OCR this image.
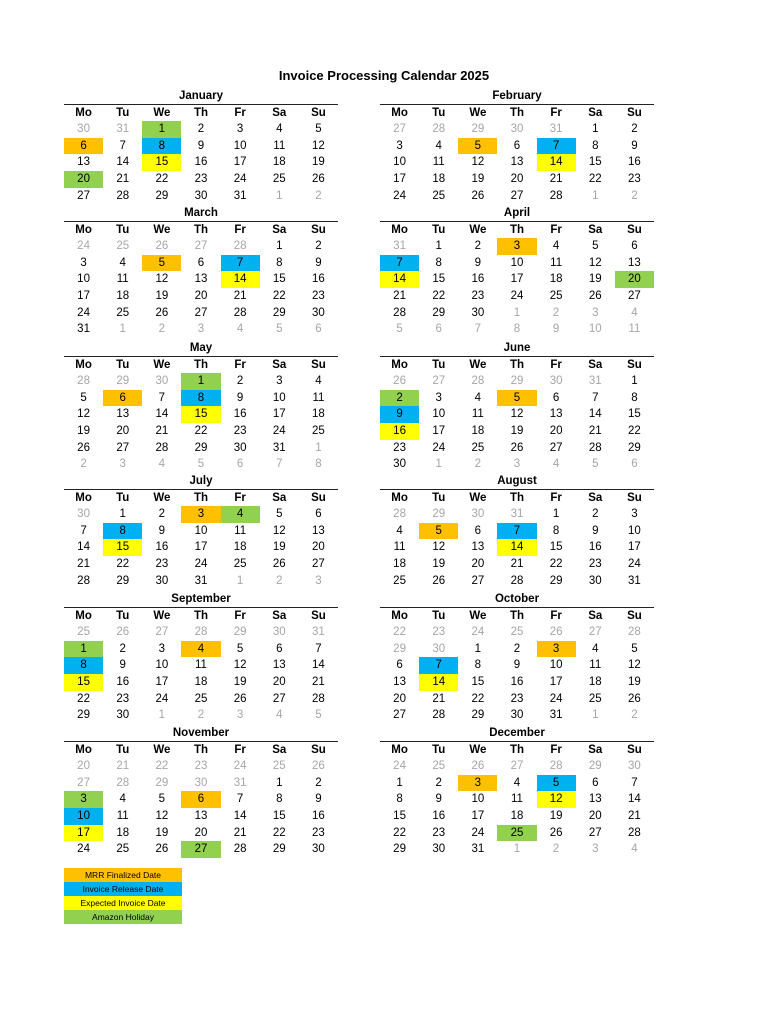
Invoice Processing Calendar 2025
January
Mo	Tu	We	Th	Fr	Sa	Su
30	31	1	2	3	4	5
6	7	8	9	10	11	12
13	14	15	16	17	18	19
20	21	22	23	24	25	26
27	28	29	30	31	1	2
February
Mo	Tu	We	Th	Fr	Sa	Su
27	28	29	30	31	1	2
3	4	5	6	7	8	9
10	11	12	13	14	15	16
17	18	19	20	21	22	23
24	25	26	27	28	1	2
March
Mo	Tu	We	Th	Fr	Sa	Su
24	25	26	27	28	1	2
3	4	5	6	7	8	9
10	11	12	13	14	15	16
17	18	19	20	21	22	23
24	25	26	27	28	29	30
31	1	2	3	4	5	6
April
Mo	Tu	We	Th	Fr	Sa	Su
31	1	2	3	4	5	6
7	8	9	10	11	12	13
14	15	16	17	18	19	20
21	22	23	24	25	26	27
28	29	30	1	2	3	4
5	6	7	8	9	10	11
May
Mo	Tu	We	Th	Fr	Sa	Su
28	29	30	1	2	3	4
5	6	7	8	9	10	11
12	13	14	15	16	17	18
19	20	21	22	23	24	25
26	27	28	29	30	31	1
2	3	4	5	6	7	8
June
Mo	Tu	We	Th	Fr	Sa	Su
26	27	28	29	30	31	1
2	3	4	5	6	7	8
9	10	11	12	13	14	15
16	17	18	19	20	21	22
23	24	25	26	27	28	29
30	1	2	3	4	5	6
July
Mo	Tu	We	Th	Fr	Sa	Su
30	1	2	3	4	5	6
7	8	9	10	11	12	13
14	15	16	17	18	19	20
21	22	23	24	25	26	27
28	29	30	31	1	2	3
August
Mo	Tu	We	Th	Fr	Sa	Su
28	29	30	31	1	2	3
4	5	6	7	8	9	10
11	12	13	14	15	16	17
18	19	20	21	22	23	24
25	26	27	28	29	30	31
September
Mo	Tu	We	Th	Fr	Sa	Su
25	26	27	28	29	30	31
1	2	3	4	5	6	7
8	9	10	11	12	13	14
15	16	17	18	19	20	21
22	23	24	25	26	27	28
29	30	1	2	3	4	5
October
Mo	Tu	We	Th	Fr	Sa	Su
22	23	24	25	26	27	28
29	30	1	2	3	4	5
6	7	8	9	10	11	12
13	14	15	16	17	18	19
20	21	22	23	24	25	26
27	28	29	30	31	1	2
November
Mo	Tu	We	Th	Fr	Sa	Su
20	21	22	23	24	25	26
27	28	29	30	31	1	2
3	4	5	6	7	8	9
10	11	12	13	14	15	16
17	18	19	20	21	22	23
24	25	26	27	28	29	30
December
Mo	Tu	We	Th	Fr	Sa	Su
24	25	26	27	28	29	30
1	2	3	4	5	6	7
8	9	10	11	12	13	14
15	16	17	18	19	20	21
22	23	24	25	26	27	28
29	30	31	1	2	3	4
MRR Finalized Date
Invoice Release Date
Expected Invoice Date
Amazon Holiday
